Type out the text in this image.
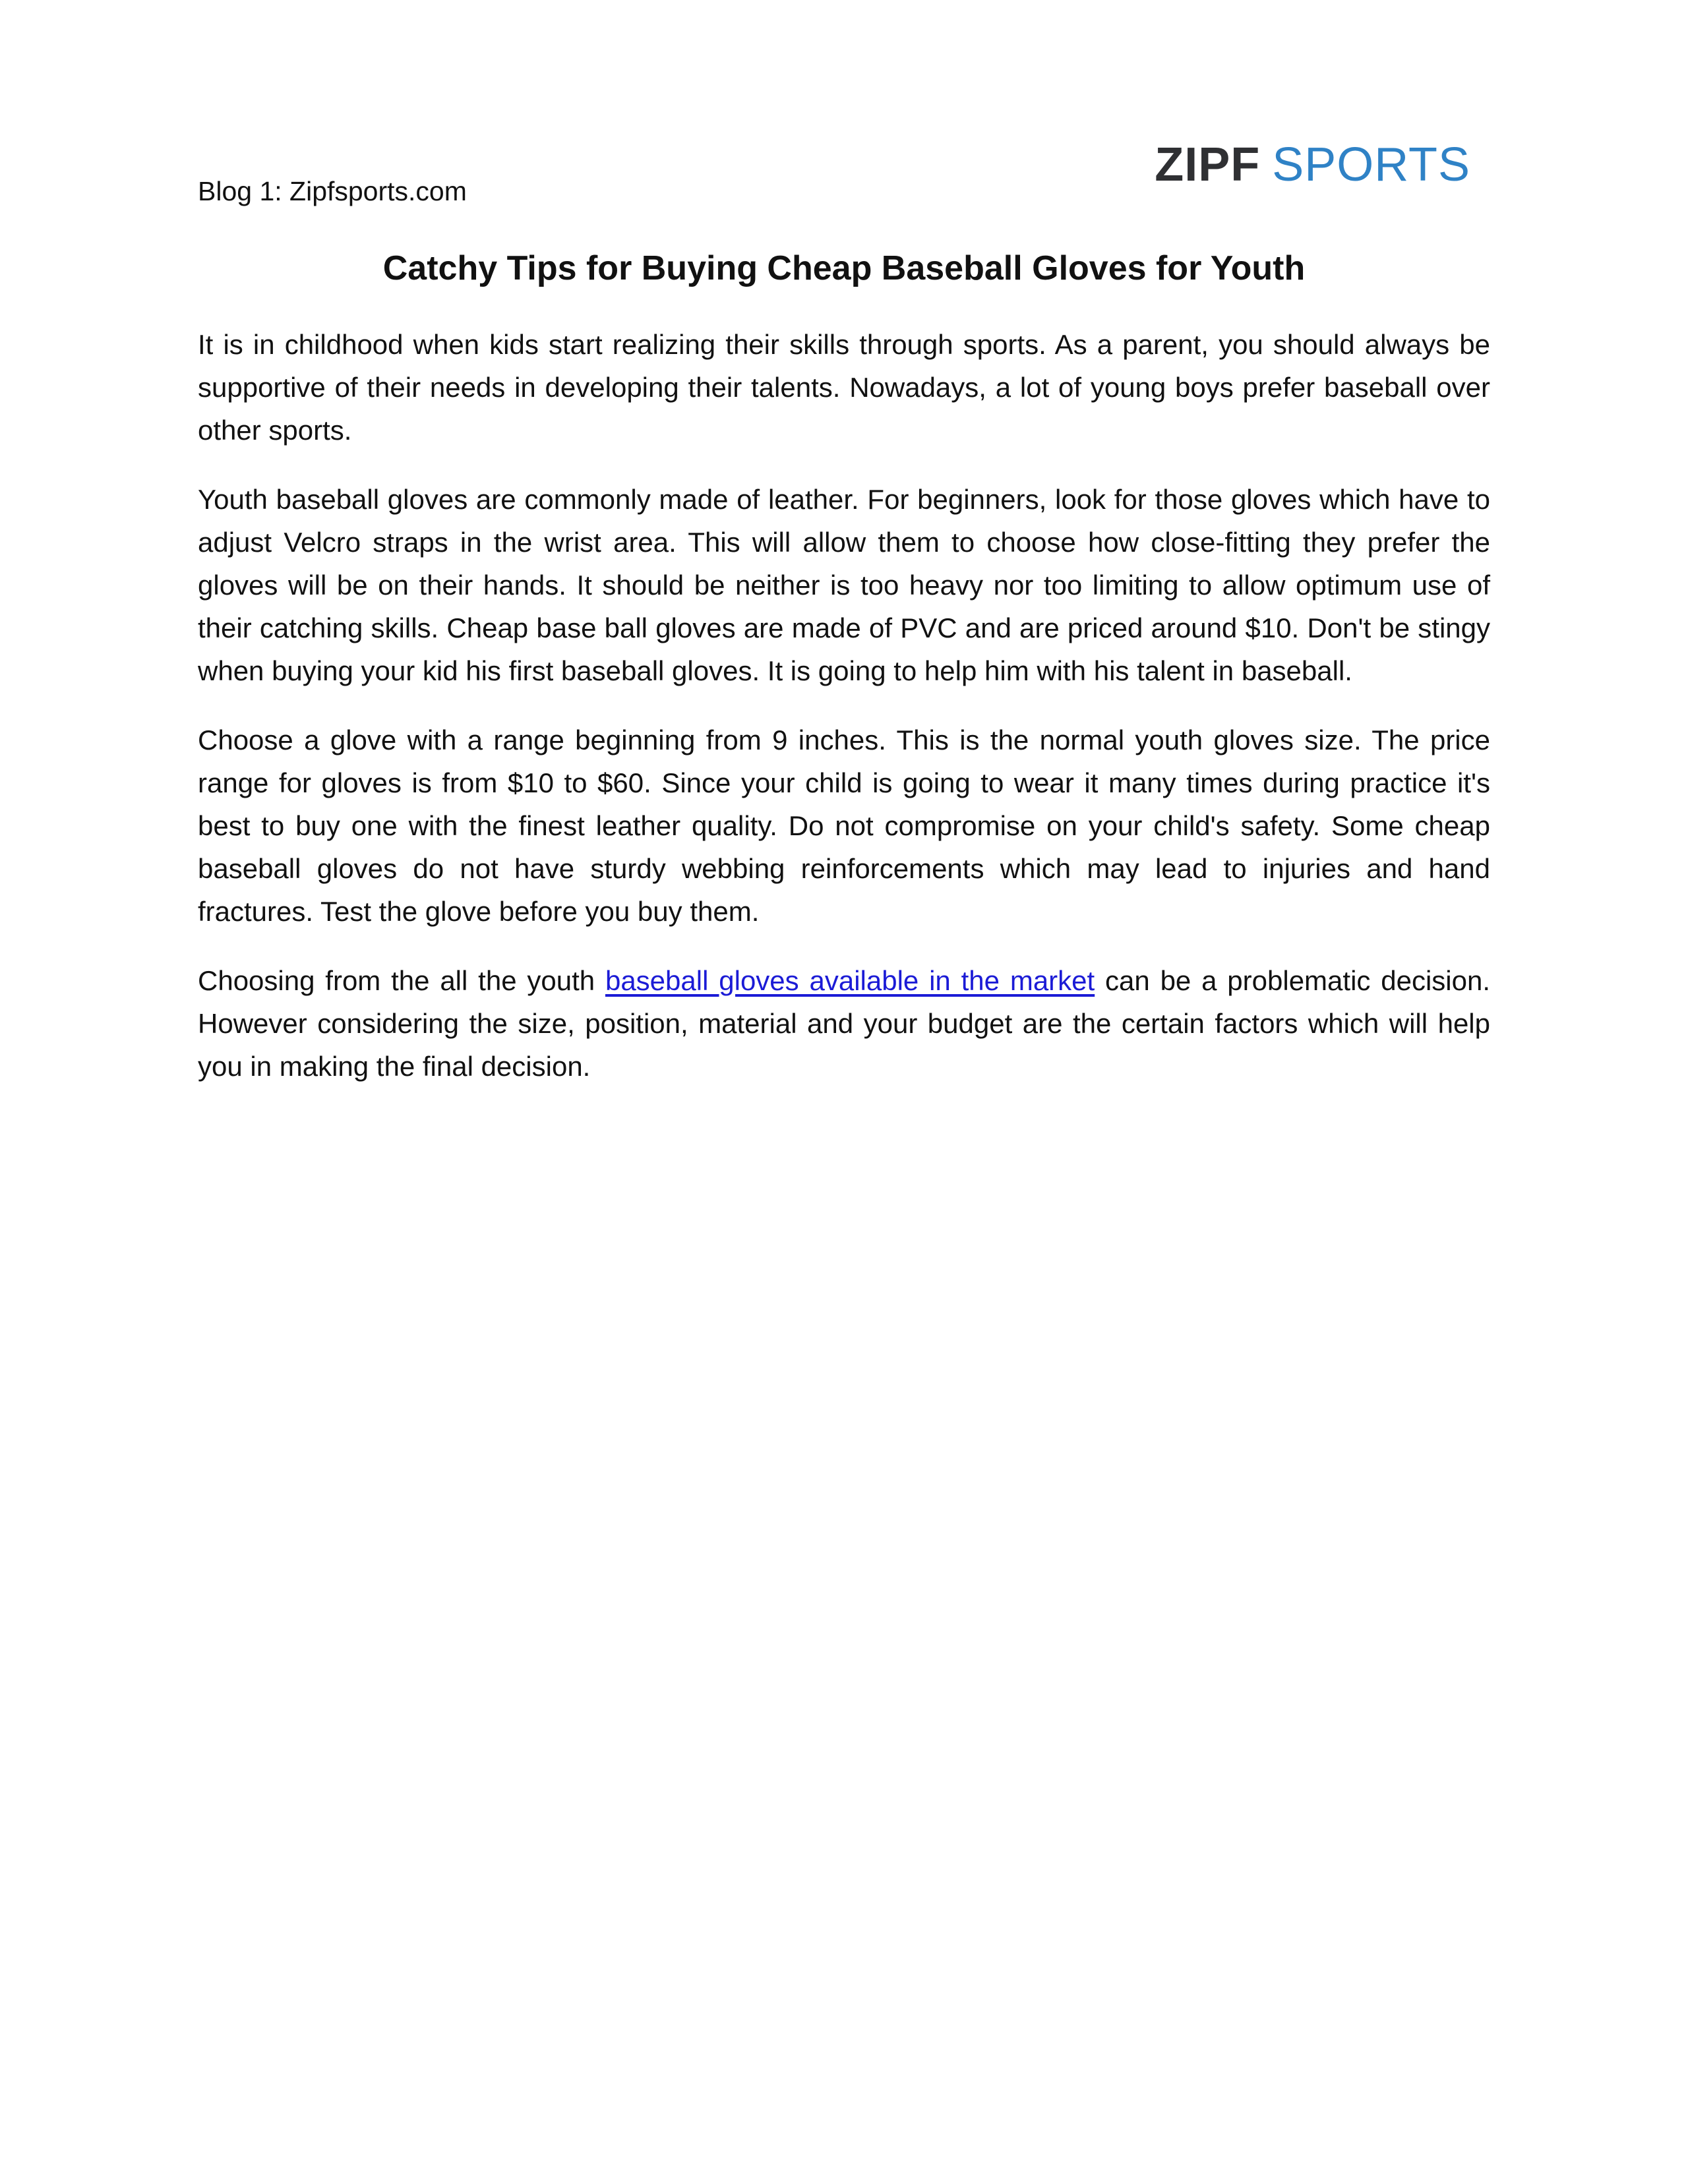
Blog 1: Zipfsports.com	ZIPF SPORTS
Catchy Tips for Buying Cheap Baseball Gloves for Youth

It is in childhood when kids start realizing their skills through sports. As a parent, you should always be supportive of their needs in developing their talents. Nowadays, a lot of young boys prefer baseball over other sports.

Youth baseball gloves are commonly made of leather. For beginners, look for those gloves which have to adjust Velcro straps in the wrist area. This will allow them to choose how close-fitting they prefer the gloves will be on their hands. It should be neither is too heavy nor too limiting to allow optimum use of their catching skills. Cheap base ball gloves are made of PVC and are priced around $10. Don't be stingy when buying your kid his first baseball gloves. It is going to help him with his talent in baseball.

Choose a glove with a range beginning from 9 inches. This is the normal youth gloves size. The price range for gloves is from $10 to $60. Since your child is going to wear it many times during practice it's best to buy one with the finest leather quality. Do not compromise on your child's safety. Some cheap baseball gloves do not have sturdy webbing reinforcements which may lead to injuries and hand fractures. Test the glove before you buy them.

Choosing from the all the youth baseball gloves available in the market can be a problematic decision. However considering the size, position, material and your budget are the certain factors which will help you in making the final decision.
